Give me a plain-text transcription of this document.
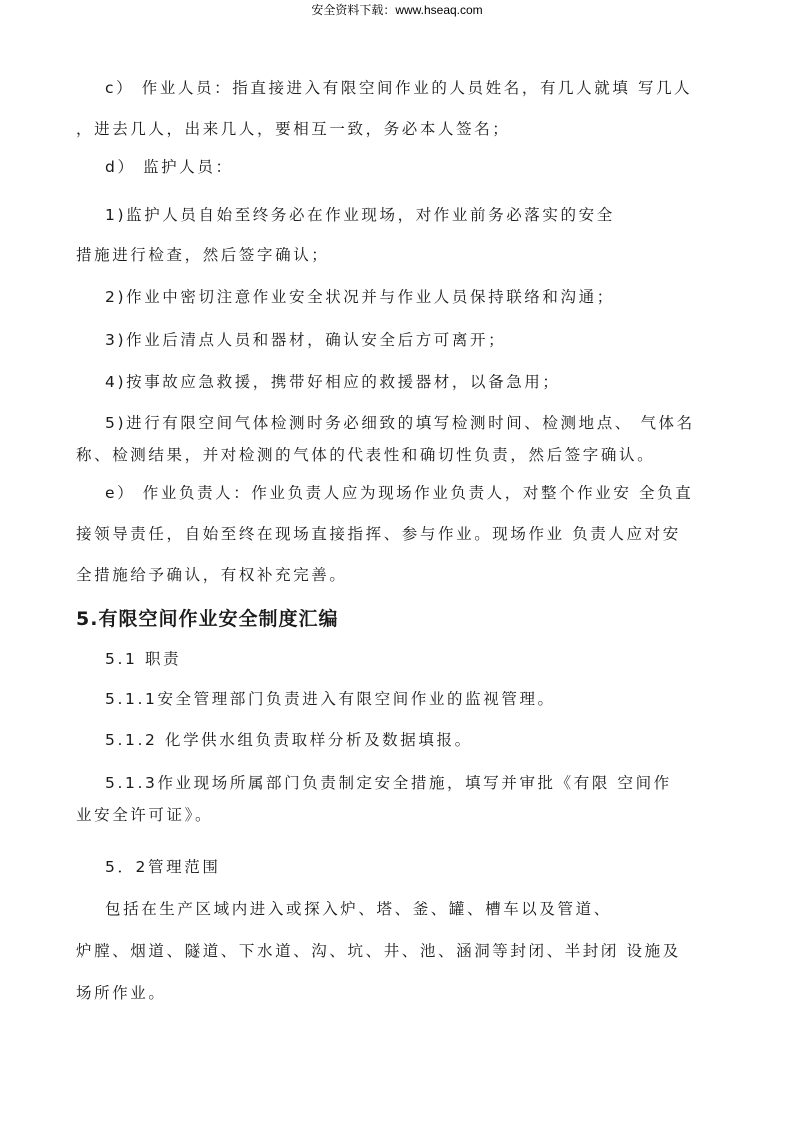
安全资料下载：www.hseaq.com
c） 作业人员：指直接进入有限空间作业的人员姓名，有几人就填 写几人
，进去几人，出来几人，要相互一致，务必本人签名；
d） 监护人员：
1)监护人员自始至终务必在作业现场，对作业前务必落实的安全
措施进行检查，然后签字确认；
2)作业中密切注意作业安全状况并与作业人员保持联络和沟通；
3)作业后清点人员和器材，确认安全后方可离开；
4)按事故应急救援，携带好相应的救援器材，以备急用；
5)进行有限空间气体检测时务必细致的填写检测时间、检测地点、 气体名
称、检测结果，并对检测的气体的代表性和确切性负责，然后签字确认。
e） 作业负责人：作业负责人应为现场作业负责人，对整个作业安 全负直
接领导责任，自始至终在现场直接指挥、参与作业。现场作业 负责人应对安
全措施给予确认，有权补充完善。
5.有限空间作业安全制度汇编
5.1 职责
5.1.1安全管理部门负责进入有限空间作业的监视管理。
5.1.2 化学供水组负责取样分析及数据填报。
5.1.3作业现场所属部门负责制定安全措施，填写并审批《有限 空间作
业安全许可证》。
5．2管理范围
包括在生产区域内进入或探入炉、塔、釜、罐、槽车以及管道、
炉膛、烟道、隧道、下水道、沟、坑、井、池、涵洞等封闭、半封闭 设施及
场所作业。
